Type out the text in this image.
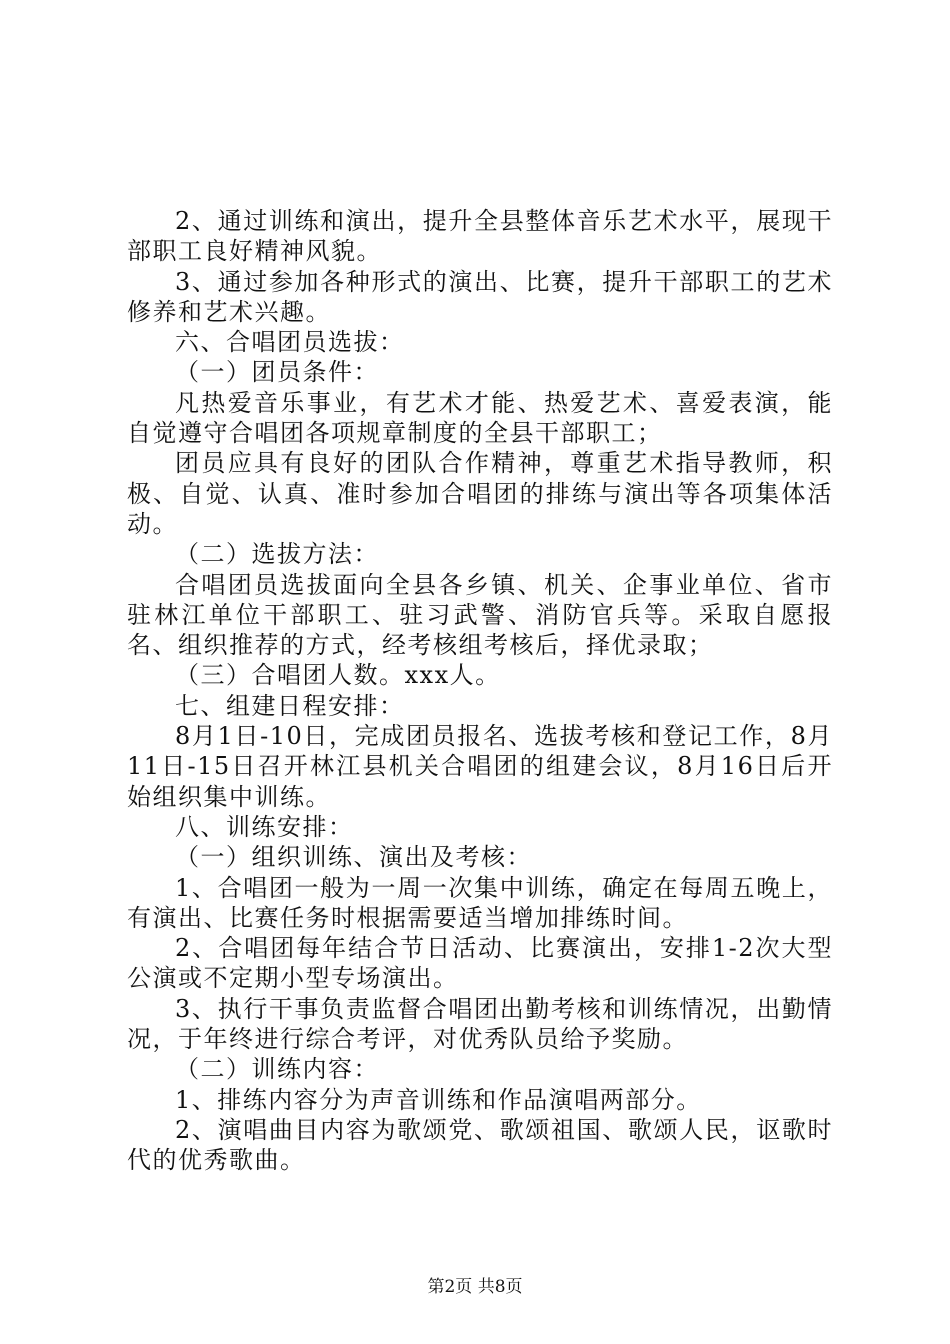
2、通过训练和演出，提升全县整体音乐艺术水平，展现干部职工良好精神风貌。

3、通过参加各种形式的演出、比赛，提升干部职工的艺术修养和艺术兴趣。

六、合唱团员选拔：

（一）团员条件：

凡热爱音乐事业，有艺术才能、热爱艺术、喜爱表演，能自觉遵守合唱团各项规章制度的全县干部职工；

团员应具有良好的团队合作精神，尊重艺术指导教师，积极、自觉、认真、准时参加合唱团的排练与演出等各项集体活动。

（二）选拔方法：

合唱团员选拔面向全县各乡镇、机关、企事业单位、省市驻林江单位干部职工、驻习武警、消防官兵等。采取自愿报名、组织推荐的方式，经考核组考核后，择优录取；

（三）合唱团人数。xxx人。

七、组建日程安排：

8月1日-10日，完成团员报名、选拔考核和登记工作，8月11日-15日召开林江县机关合唱团的组建会议，8月16日后开始组织集中训练。

八、训练安排：

（一）组织训练、演出及考核：

1、合唱团一般为一周一次集中训练，确定在每周五晚上，有演出、比赛任务时根据需要适当增加排练时间。

2、合唱团每年结合节日活动、比赛演出，安排1-2次大型公演或不定期小型专场演出。

3、执行干事负责监督合唱团出勤考核和训练情况，出勤情况，于年终进行综合考评，对优秀队员给予奖励。

（二）训练内容：

1、排练内容分为声音训练和作品演唱两部分。

2、演唱曲目内容为歌颂党、歌颂祖国、歌颂人民，讴歌时代的优秀歌曲。

第2页 共8页
